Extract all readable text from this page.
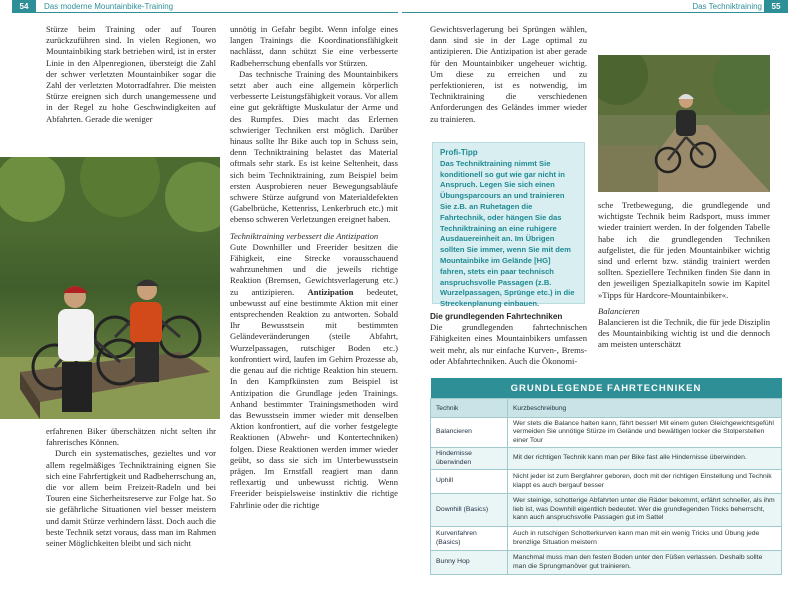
54	Das moderne Mountainbike-Training	Das Techniktraining	55

Stürze beim Training oder auf Touren zurückzuführen sind. In vielen Regionen, wo Mountainbiking stark betrieben wird, ist in erster Linie in den Alpenregionen, übersteigt die Zahl der schwer verletzten Mountainbiker sogar die Zahl der verletzten Motorradfahrer. Die meisten Stürze ereignen sich durch unangemessene und in der Regel zu hohe Geschwindigkeiten auf Abfahrten. Gerade die weniger

erfahrenen Biker überschätzen nicht selten ihr fahrerisches Können.

Durch ein systematisches, gezieltes und vor allem regelmäßiges Techniktraining eignen Sie sich eine Fahrfertigkeit und Radbeherrschung an, die vor allem beim Freizeit-Radeln und bei Touren eine Sicherheitsreserve zur Folge hat. So sie gefährliche Situationen viel besser meistern und damit Stürze verhindern lässt. Doch auch die beste Technik setzt voraus, dass man im Rahmen seiner Möglichkeiten bleibt und sich nicht

unnötig in Gefahr begibt. Wenn infolge eines langen Trainings die Koordinationsfähigkeit nachlässt, dann schützt Sie eine verbesserte Radbeherrschung ebenfalls vor Stürzen.

Das technische Training des Mountainbikers setzt aber auch eine allgemein körperlich verbesserte Leistungsfähigkeit voraus. Vor allem eine gut gekräftigte Muskulatur der Arme und des Rumpfes. Dies macht das Erlernen schwieriger Techniken erst möglich. Darüber hinaus sollte Ihr Bike auch top in Schuss sein, denn Techniktraining belastet das Material oftmals sehr stark. Es ist keine Seltenheit, dass sich beim Techniktraining, zum Beispiel beim ersten Ausprobieren neuer Bewegungsabläufe schwere Stürze aufgrund von Materialdefekten (Gabelbrüche, Kettenriss, Lenkerbruch etc.) mit ebenso schweren Verletzungen ereignet haben.

Techniktraining verbessert die Antizipation

Gute Downhiller und Freerider besitzen die Fähigkeit, eine Strecke vorausschauend wahrzunehmen und die jeweils richtige Reaktion (Bremsen, Gewichtsverlagerung etc.) zu antizipieren. Antizipation bedeutet, unbewusst auf eine bestimmte Aktion mit einer entsprechenden Reaktion zu antworten. Sobald Ihr Bewusstsein mit bestimmten Geländeveränderungen (steile Abfahrt, Wurzelpassagen, rutschiger Boden etc.) konfrontiert wird, laufen im Gehirn Prozesse ab, die genau auf die richtige Reaktion hin steuern. In den Kampfkünsten zum Beispiel ist Antizipation die Grundlage jeden Trainings. Anhand bestimmter Trainingsmethoden wird das Bewusstsein immer wieder mit denselben Aktion konfrontiert, auf die vorher festgelegte Reaktionen (Abwehr- und Kontertechniken) folgen. Diese Reaktionen werden immer wieder geübt, so dass sie sich im Unterbewusstsein prägen. Im Ernstfall reagiert man dann reflexartig und unbewusst richtig. Wenn Freerider beispielsweise instinktiv die richtige Fahrlinie oder die richtige

Gewichtsverlagerung bei Sprüngen wählen, dann sind sie in der Lage optimal zu antizipieren. Die Antizipation ist aber gerade für den Mountainbiker ungeheuer wichtig. Um diese zu erreichen und zu perfektionieren, ist es notwendig, im Techniktraining die verschiedenen Anforderungen des Geländes immer wieder zu trainieren.

Profi-Tipp
Das Techniktraining nimmt Sie konditionell so gut wie gar nicht in Anspruch. Legen Sie sich einen Übungsparcours an und trainieren Sie z.B. an Ruhetagen die Fahrtechnik, oder hängen Sie das Techniktraining an eine ruhigere Ausdauereinheit an. Im Übrigen sollten Sie immer, wenn Sie mit dem Mountainbike im Gelände [HG] fahren, stets ein paar technisch anspruchsvolle Passagen (z.B. Wurzelpassagen, Sprünge etc.) in die Streckenplanung einbauen.

Die grundlegenden Fahrtechniken

Die grundlegenden fahrtechnischen Fähigkeiten eines Mountainbikers umfassen weit mehr, als nur einfache Kurven-, Brems- oder Abfahrtechniken. Auch die Ökonomi-

sche Tretbewegung, die grundlegende und wichtigste Technik beim Radsport, muss immer wieder trainiert werden. In der folgenden Tabelle habe ich die grundlegenden Techniken aufgelistet, die für jeden Mountainbiker wichtig sind und erlernt bzw. ständig trainiert werden sollten. Speziellere Techniken finden Sie dann in den jeweiligen Spezialkapiteln sowie im Kapitel »Tipps für Hardcore-Mountainbiker«.

Balancieren

Balancieren ist die Technik, die für jede Disziplin des Mountainbiking wichtig ist und die dennoch am meisten unterschätzt

GRUNDLEGENDE FAHRTECHNIKEN	
Technik	Kurzbeschreibung
Balancieren	Wer stets die Balance halten kann, fährt besser! Mit einem guten Gleichgewichtsgefühl vermeiden Sie unnötige Stürze im Gelände und bewältigen locker die Stolperstellen einer Tour
Hindernisse überwinden	Mit der richtigen Technik kann man per Bike fast alle Hindernisse überwinden.
Uphill	Nicht jeder ist zum Bergfahrer geboren, doch mit der richtigen Einstellung und Technik klappt es auch bergauf besser
Downhill (Basics)	Wer steinige, schotterige Abfahrten unter die Räder bekommt, erfährt schneller, als ihm lieb ist, was Downhill eigentlich bedeutet. Wer die grundlegenden Tricks beherrscht, kann auch anspruchsvolle Passagen gut im Sattel
Kurvenfahren (Basics)	Auch in rutschigen Schotterkurven kann man mit ein wenig Tricks und Übung jede brenzlige Situation meistern
Bunny Hop	Manchmal muss man den festen Boden unter den Füßen verlassen. Deshalb sollte man die Sprungmanöver gut trainieren.
